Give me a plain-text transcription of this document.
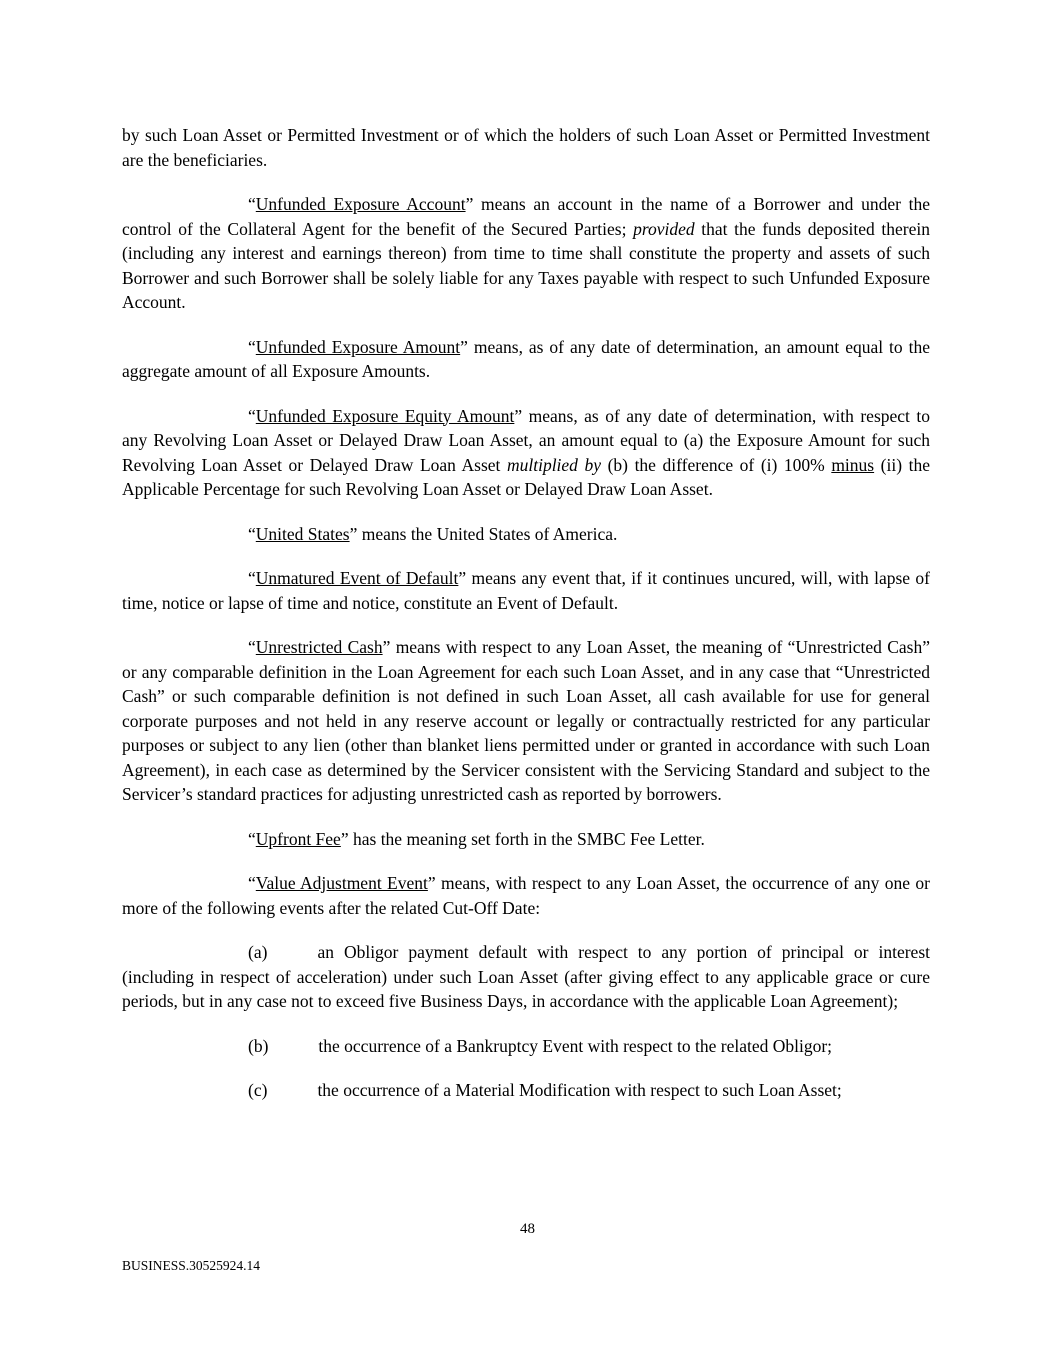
by such Loan Asset or Permitted Investment or of which the holders of such Loan Asset or Permitted Investment are the beneficiaries.

“Unfunded Exposure Account” means an account in the name of a Borrower and under the control of the Collateral Agent for the benefit of the Secured Parties; provided that the funds deposited therein (including any interest and earnings thereon) from time to time shall constitute the property and assets of such Borrower and such Borrower shall be solely liable for any Taxes payable with respect to such Unfunded Exposure Account.

“Unfunded Exposure Amount” means, as of any date of determination, an amount equal to the aggregate amount of all Exposure Amounts.

“Unfunded Exposure Equity Amount” means, as of any date of determination, with respect to any Revolving Loan Asset or Delayed Draw Loan Asset, an amount equal to (a) the Exposure Amount for such Revolving Loan Asset or Delayed Draw Loan Asset multiplied by (b) the difference of (i) 100% minus (ii) the Applicable Percentage for such Revolving Loan Asset or Delayed Draw Loan Asset.

“United States” means the United States of America.

“Unmatured Event of Default” means any event that, if it continues uncured, will, with lapse of time, notice or lapse of time and notice, constitute an Event of Default.

“Unrestricted Cash” means with respect to any Loan Asset, the meaning of “Unrestricted Cash” or any comparable definition in the Loan Agreement for each such Loan Asset, and in any case that “Unrestricted Cash” or such comparable definition is not defined in such Loan Asset, all cash available for use for general corporate purposes and not held in any reserve account or legally or contractually restricted for any particular purposes or subject to any lien (other than blanket liens permitted under or granted in accordance with such Loan Agreement), in each case as determined by the Servicer consistent with the Servicing Standard and subject to the Servicer’s standard practices for adjusting unrestricted cash as reported by borrowers.

“Upfront Fee” has the meaning set forth in the SMBC Fee Letter.

“Value Adjustment Event” means, with respect to any Loan Asset, the occurrence of any one or more of the following events after the related Cut-Off Date:

(a)	an Obligor payment default with respect to any portion of principal or interest (including in respect of acceleration) under such Loan Asset (after giving effect to any applicable grace or cure periods, but in any case not to exceed five Business Days, in accordance with the applicable Loan Agreement);

(b)	the occurrence of a Bankruptcy Event with respect to the related Obligor;

(c)	the occurrence of a Material Modification with respect to such Loan Asset;

48
BUSINESS.30525924.14
